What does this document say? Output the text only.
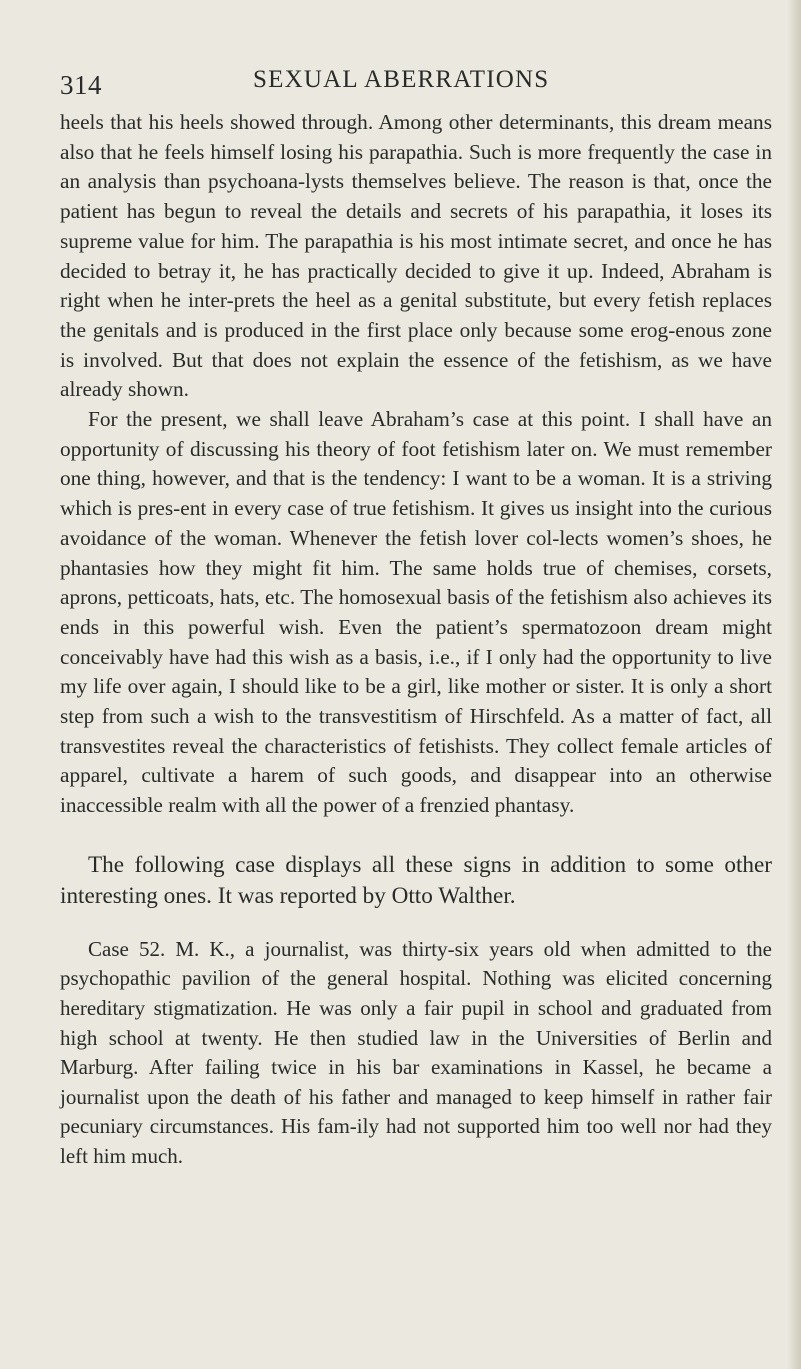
314	SEXUAL ABERRATIONS

heels that his heels showed through. Among other determinants, this dream means also that he feels himself losing his parapathia. Such is more frequently the case in an analysis than psychoana-lysts themselves believe. The reason is that, once the patient has begun to reveal the details and secrets of his parapathia, it loses its supreme value for him. The parapathia is his most intimate secret, and once he has decided to betray it, he has practically decided to give it up. Indeed, Abraham is right when he inter-prets the heel as a genital substitute, but every fetish replaces the genitals and is produced in the first place only because some erog-enous zone is involved. But that does not explain the essence of the fetishism, as we have already shown.

For the present, we shall leave Abraham’s case at this point. I shall have an opportunity of discussing his theory of foot fetishism later on. We must remember one thing, however, and that is the tendency: I want to be a woman. It is a striving which is pres-ent in every case of true fetishism. It gives us insight into the curious avoidance of the woman. Whenever the fetish lover col-lects women’s shoes, he phantasies how they might fit him. The same holds true of chemises, corsets, aprons, petticoats, hats, etc. The homosexual basis of the fetishism also achieves its ends in this powerful wish. Even the patient’s spermatozoon dream might conceivably have had this wish as a basis, i.e., if I only had the opportunity to live my life over again, I should like to be a girl, like mother or sister. It is only a short step from such a wish to the transvestitism of Hirschfeld. As a matter of fact, all transvestites reveal the characteristics of fetishists. They collect female articles of apparel, cultivate a harem of such goods, and disappear into an otherwise inaccessible realm with all the power of a frenzied phantasy.

The following case displays all these signs in addition to some other interesting ones. It was reported by Otto Walther.

Case 52. M. K., a journalist, was thirty-six years old when admitted to the psychopathic pavilion of the general hospital. Nothing was elicited concerning hereditary stigmatization. He was only a fair pupil in school and graduated from high school at twenty. He then studied law in the Universities of Berlin and Marburg. After failing twice in his bar examinations in Kassel, he became a journalist upon the death of his father and managed to keep himself in rather fair pecuniary circumstances. His fam-ily had not supported him too well nor had they left him much.
